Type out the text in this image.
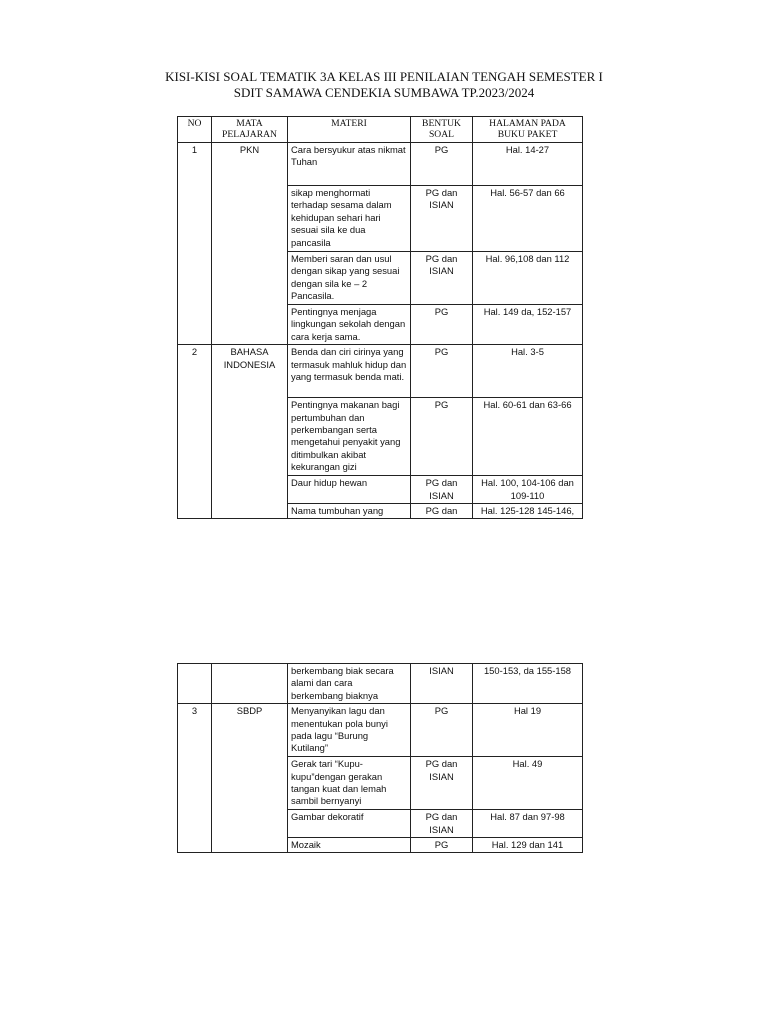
KISI-KISI SOAL TEMATIK 3A KELAS III PENILAIAN TENGAH SEMESTER I
SDIT SAMAWA CENDEKIA SUMBAWA TP.2023/2024
NO	MATA PELAJARAN	MATERI	BENTUK SOAL	HALAMAN PADA BUKU PAKET
1	PKN	Cara bersyukur atas nikmat Tuhan	PG	Hal. 14-27
		sikap menghormati terhadap sesama dalam kehidupan sehari hari sesuai sila ke dua pancasila	PG dan ISIAN	Hal. 56-57 dan 66
		Memberi saran dan usul dengan sikap yang sesuai dengan sila ke – 2 Pancasila.	PG dan ISIAN	Hal. 96,108 dan 112
		Pentingnya menjaga lingkungan sekolah dengan cara kerja sama.	PG	Hal. 149 da, 152-157
2	BAHASA INDONESIA	Benda dan ciri cirinya yang termasuk mahluk hidup dan yang termasuk benda mati.	PG	Hal. 3-5
		Pentingnya makanan bagi pertumbuhan dan perkembangan serta mengetahui penyakit yang ditimbulkan akibat kekurangan gizi	PG	Hal. 60-61 dan 63-66
		Daur hidup hewan	PG dan ISIAN	Hal. 100, 104-106 dan 109-110
		Nama tumbuhan yang	PG dan	Hal. 125-128 145-146,
		berkembang biak secara alami dan cara berkembang biaknya	ISIAN	150-153, da 155-158
3	SBDP	Menyanyikan lagu dan menentukan pola bunyi pada lagu “Burung Kutilang”	PG	Hal 19
		Gerak tari “Kupu-kupu”dengan gerakan tangan kuat dan lemah sambil bernyanyi	PG dan ISIAN	Hal. 49
		Gambar dekoratif	PG dan ISIAN	Hal. 87 dan 97-98
		Mozaik	PG	Hal. 129 dan 141
